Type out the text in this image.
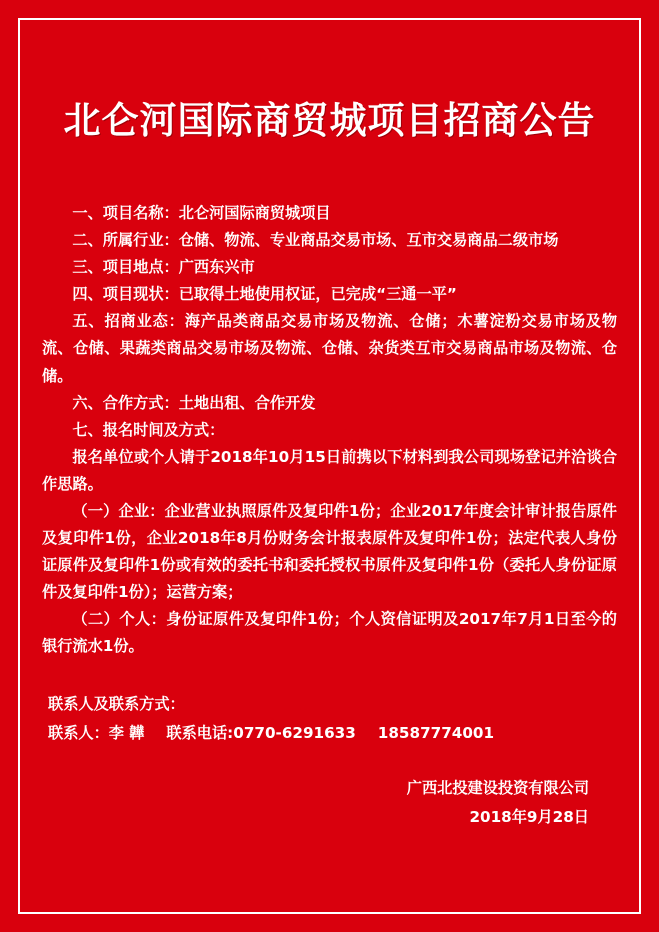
北仑河国际商贸城项目招商公告

一、项目名称：北仑河国际商贸城项目

二、所属行业：仓储、物流、专业商品交易市场、互市交易商品二级市场

三、项目地点：广西东兴市

四、项目现状：已取得土地使用权证，已完成“三通一平”

五、招商业态：海产品类商品交易市场及物流、仓储；木薯淀粉交易市场及物流、仓储、果蔬类商品交易市场及物流、仓储、杂货类互市交易商品市场及物流、仓储。

六、合作方式：土地出租、合作开发

七、报名时间及方式：

报名单位或个人请于2018年10月15日前携以下材料到我公司现场登记并洽谈合作思路。

（一）企业：企业营业执照原件及复印件1份；企业2017年度会计审计报告原件及复印件1份，企业2018年8月份财务会计报表原件及复印件1份；法定代表人身份证原件及复印件1份或有效的委托书和委托授权书原件及复印件1份（委托人身份证原件及复印件1份）；运营方案；

（二）个人：身份证原件及复印件1份；个人资信证明及2017年7月1日至今的银行流水1份。

联系人及联系方式：

联系人：李 韡 联系电话:0770-6291633 18587774001

广西北投建设投资有限公司

2018年9月28日
